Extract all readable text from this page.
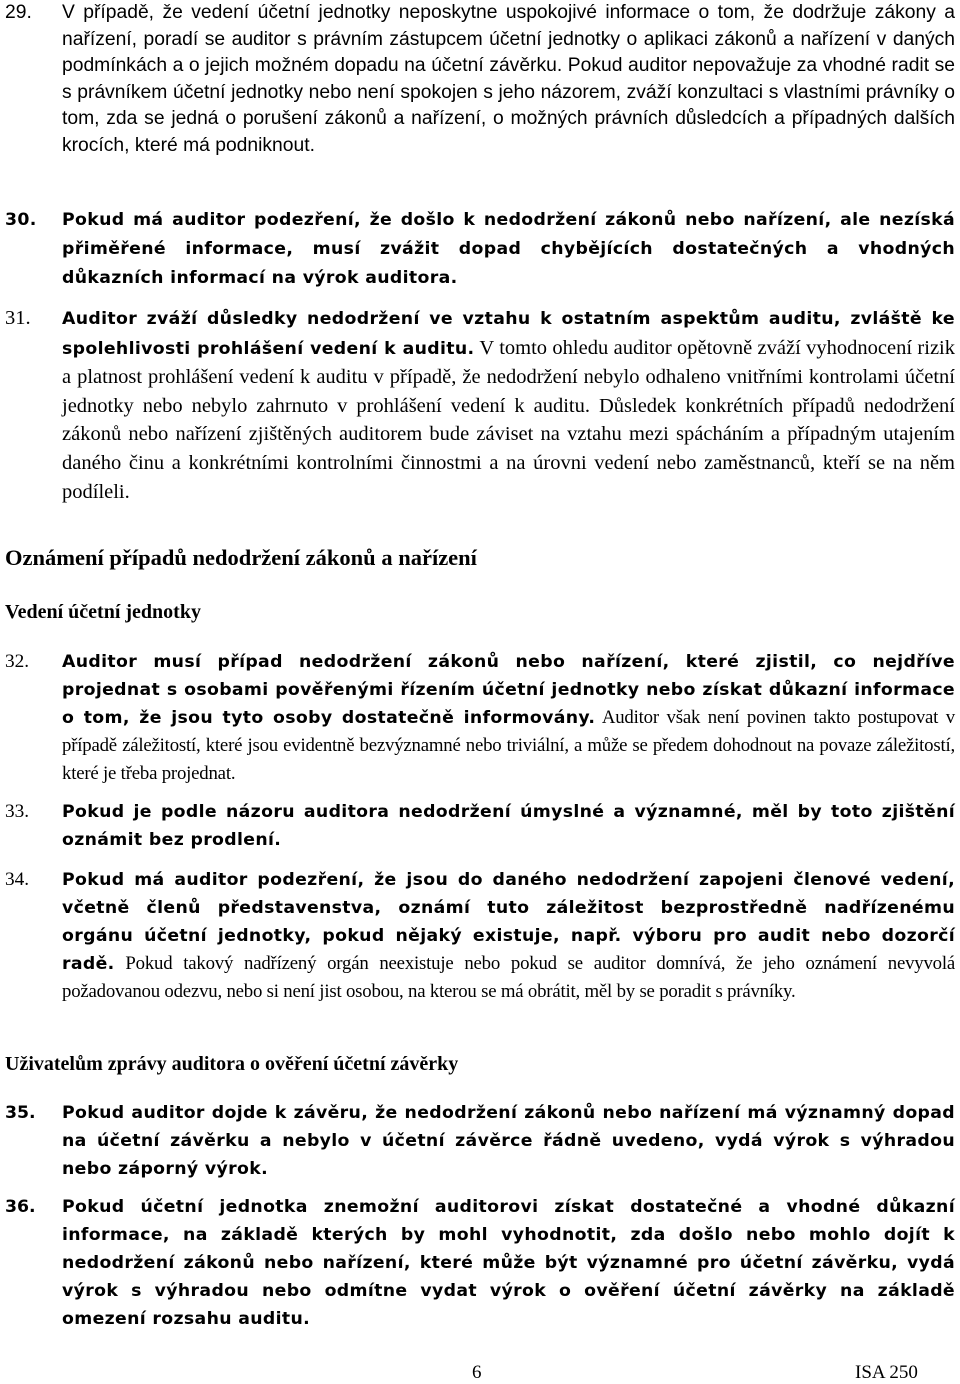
29. V případě, že vedení účetní jednotky neposkytne uspokojivé informace o tom, že dodržuje zákony a nařízení, poradí se auditor s právním zástupcem účetní jednotky o aplikaci zákonů a nařízení v daných podmínkách a o jejich možném dopadu na účetní závěrku. Pokud auditor nepovažuje za vhodné radit se s právníkem účetní jednotky nebo není spokojen s jeho názorem, zváží konzultaci s vlastními právníky o tom, zda se jedná o porušení zákonů a nařízení, o možných právních důsledcích a případných dalších krocích, které má podniknout.
30. Pokud má auditor podezření, že došlo k nedodržení zákonů nebo nařízení, ale nezíská přiměřené informace, musí zvážit dopad chybějících dostatečných a vhodných důkazních informací na výrok auditora.
31. Auditor zváží důsledky nedodržení ve vztahu k ostatním aspektům auditu, zvláště ke spolehlivosti prohlášení vedení k auditu. V tomto ohledu auditor opětovně zváží vyhodnocení rizik a platnost prohlášení vedení k auditu v případě, že nedodržení nebylo odhaleno vnitřními kontrolami účetní jednotky nebo nebylo zahrnuto v prohlášení vedení k auditu. Důsledek konkrétních případů nedodržení zákonů nebo nařízení zjištěných auditorem bude záviset na vztahu mezi spácháním a případným utajením daného činu a konkrétními kontrolními činnostmi a na úrovni vedení nebo zaměstnanců, kteří se na něm podíleli.
Oznámení případů nedodržení zákonů a nařízení
Vedení účetní jednotky
32. Auditor musí případ nedodržení zákonů nebo nařízení, které zjistil, co nejdříve projednat s osobami pověřenými řízením účetní jednotky nebo získat důkazní informace o tom, že jsou tyto osoby dostatečně informovány. Auditor však není povinen takto postupovat v případě záležitostí, které jsou evidentně bezvýznamné nebo triviální, a může se předem dohodnout na povaze záležitostí, které je třeba projednat.
33. Pokud je podle názoru auditora nedodržení úmyslné a významné, měl by toto zjištění oznámit bez prodlení.
34. Pokud má auditor podezření, že jsou do daného nedodržení zapojeni členové vedení, včetně členů představenstva, oznámí tuto záležitost bezprostředně nadřízenému orgánu účetní jednotky, pokud nějaký existuje, např. výboru pro audit nebo dozorčí radě. Pokud takový nadřízený orgán neexistuje nebo pokud se auditor domnívá, že jeho oznámení nevyvolá požadovanou odezvu, nebo si není jist osobou, na kterou se má obrátit, měl by se poradit s právníky.
Uživatelům zprávy auditora o ověření účetní závěrky
35. Pokud auditor dojde k závěru, že nedodržení zákonů nebo nařízení má významný dopad na účetní závěrku a nebylo v účetní závěrce řádně uvedeno, vydá výrok s výhradou nebo záporný výrok.
36. Pokud účetní jednotka znemožní auditorovi získat dostatečné a vhodné důkazní informace, na základě kterých by mohl vyhodnotit, zda došlo nebo mohlo dojít k nedodržení zákonů nebo nařízení, které může být významné pro účetní závěrku, vydá výrok s výhradou nebo odmítne vydat výrok o ověření účetní závěrky na základě omezení rozsahu auditu.
6	ISA 250
